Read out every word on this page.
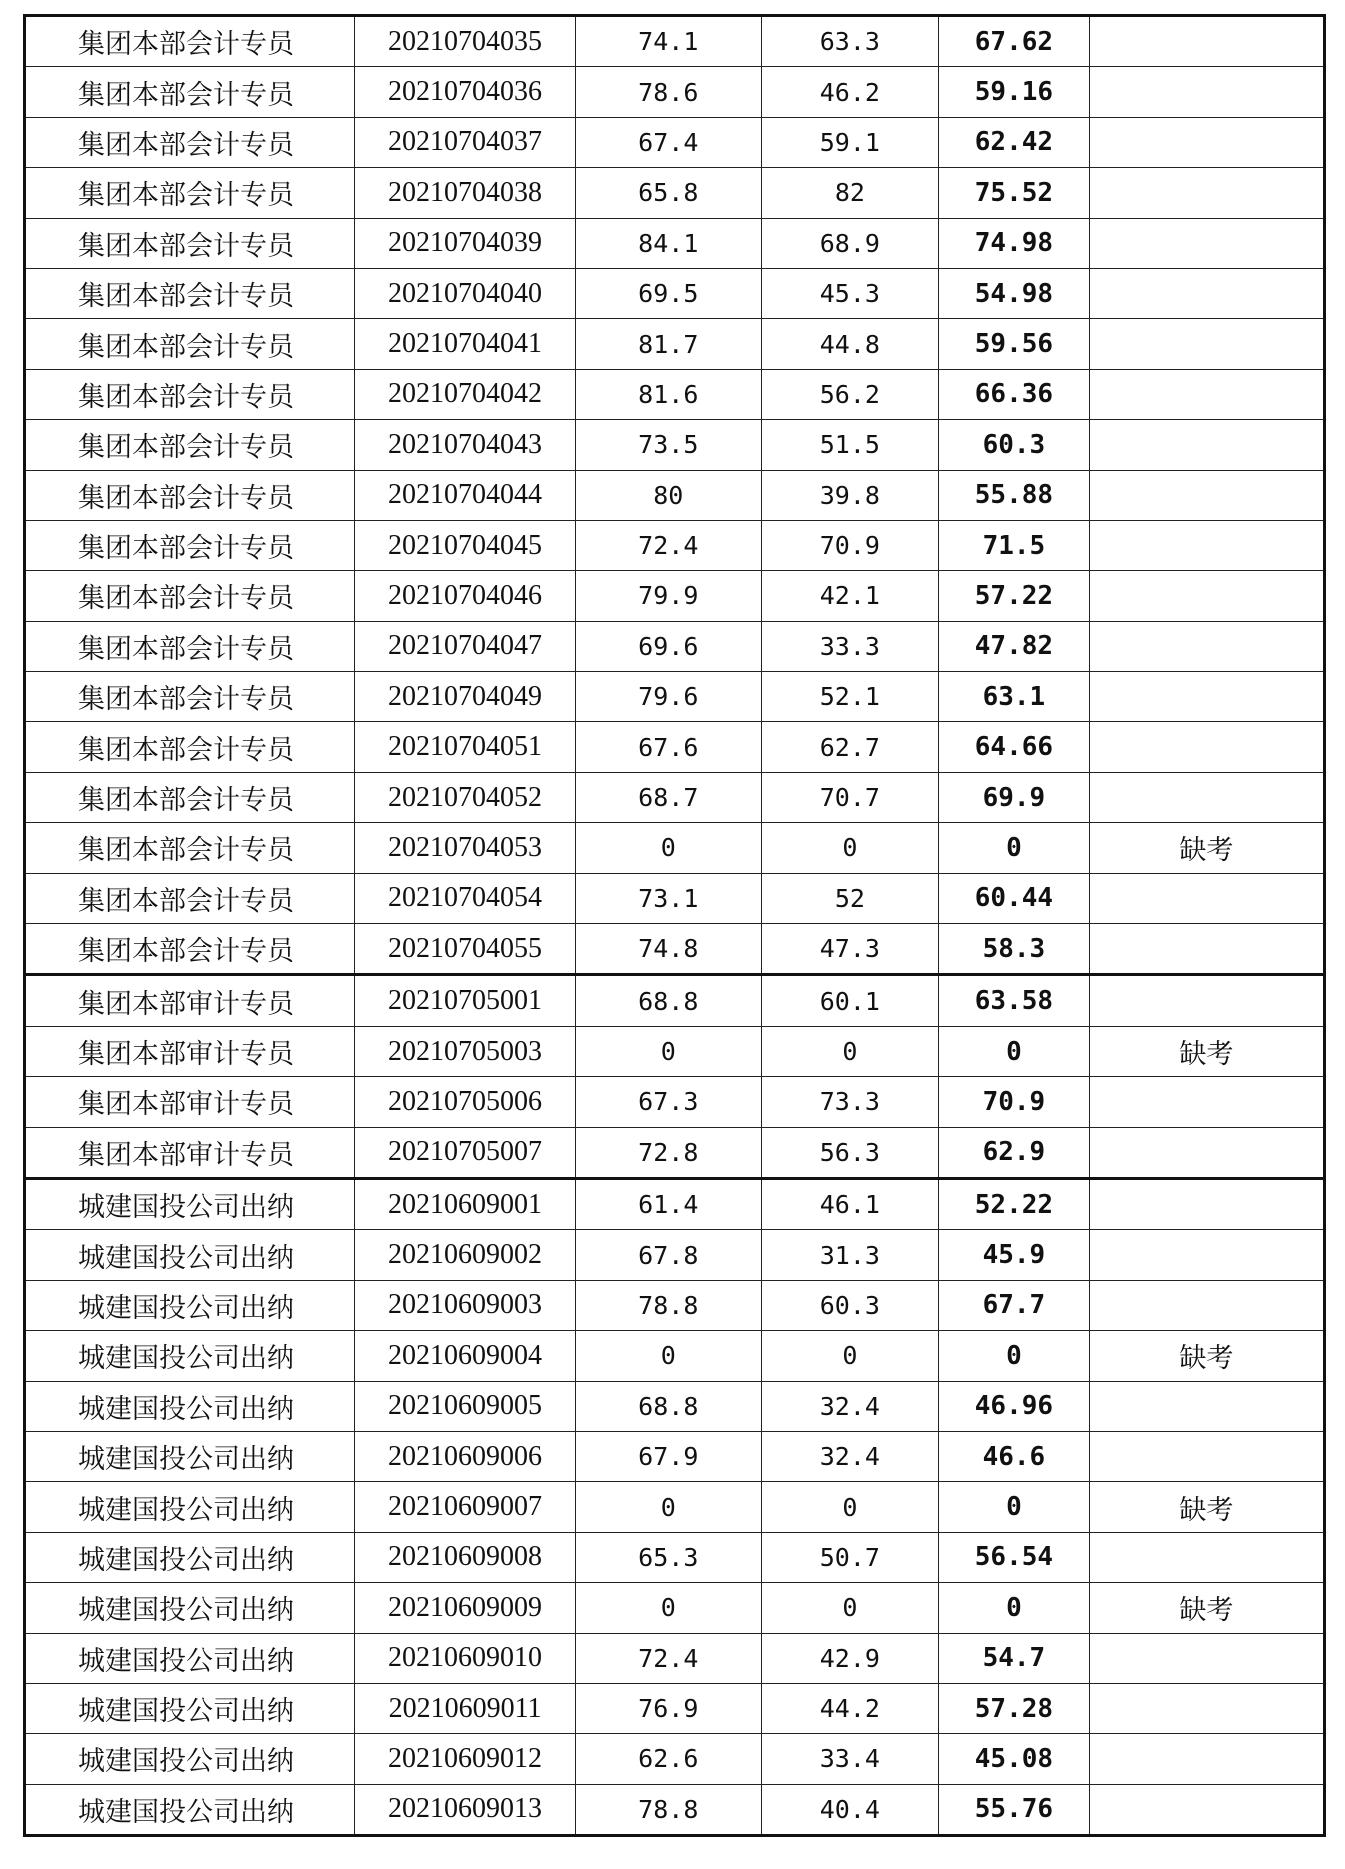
集团本部会计专员	20210704035	74.1	63.3	67.62	
集团本部会计专员	20210704036	78.6	46.2	59.16	
集团本部会计专员	20210704037	67.4	59.1	62.42	
集团本部会计专员	20210704038	65.8	82	75.52	
集团本部会计专员	20210704039	84.1	68.9	74.98	
集团本部会计专员	20210704040	69.5	45.3	54.98	
集团本部会计专员	20210704041	81.7	44.8	59.56	
集团本部会计专员	20210704042	81.6	56.2	66.36	
集团本部会计专员	20210704043	73.5	51.5	60.3	
集团本部会计专员	20210704044	80	39.8	55.88	
集团本部会计专员	20210704045	72.4	70.9	71.5	
集团本部会计专员	20210704046	79.9	42.1	57.22	
集团本部会计专员	20210704047	69.6	33.3	47.82	
集团本部会计专员	20210704049	79.6	52.1	63.1	
集团本部会计专员	20210704051	67.6	62.7	64.66	
集团本部会计专员	20210704052	68.7	70.7	69.9	
集团本部会计专员	20210704053	0	0	0	缺考
集团本部会计专员	20210704054	73.1	52	60.44	
集团本部会计专员	20210704055	74.8	47.3	58.3	
集团本部审计专员	20210705001	68.8	60.1	63.58	
集团本部审计专员	20210705003	0	0	0	缺考
集团本部审计专员	20210705006	67.3	73.3	70.9	
集团本部审计专员	20210705007	72.8	56.3	62.9	
城建国投公司出纳	20210609001	61.4	46.1	52.22	
城建国投公司出纳	20210609002	67.8	31.3	45.9	
城建国投公司出纳	20210609003	78.8	60.3	67.7	
城建国投公司出纳	20210609004	0	0	0	缺考
城建国投公司出纳	20210609005	68.8	32.4	46.96	
城建国投公司出纳	20210609006	67.9	32.4	46.6	
城建国投公司出纳	20210609007	0	0	0	缺考
城建国投公司出纳	20210609008	65.3	50.7	56.54	
城建国投公司出纳	20210609009	0	0	0	缺考
城建国投公司出纳	20210609010	72.4	42.9	54.7	
城建国投公司出纳	20210609011	76.9	44.2	57.28	
城建国投公司出纳	20210609012	62.6	33.4	45.08	
城建国投公司出纳	20210609013	78.8	40.4	55.76	
